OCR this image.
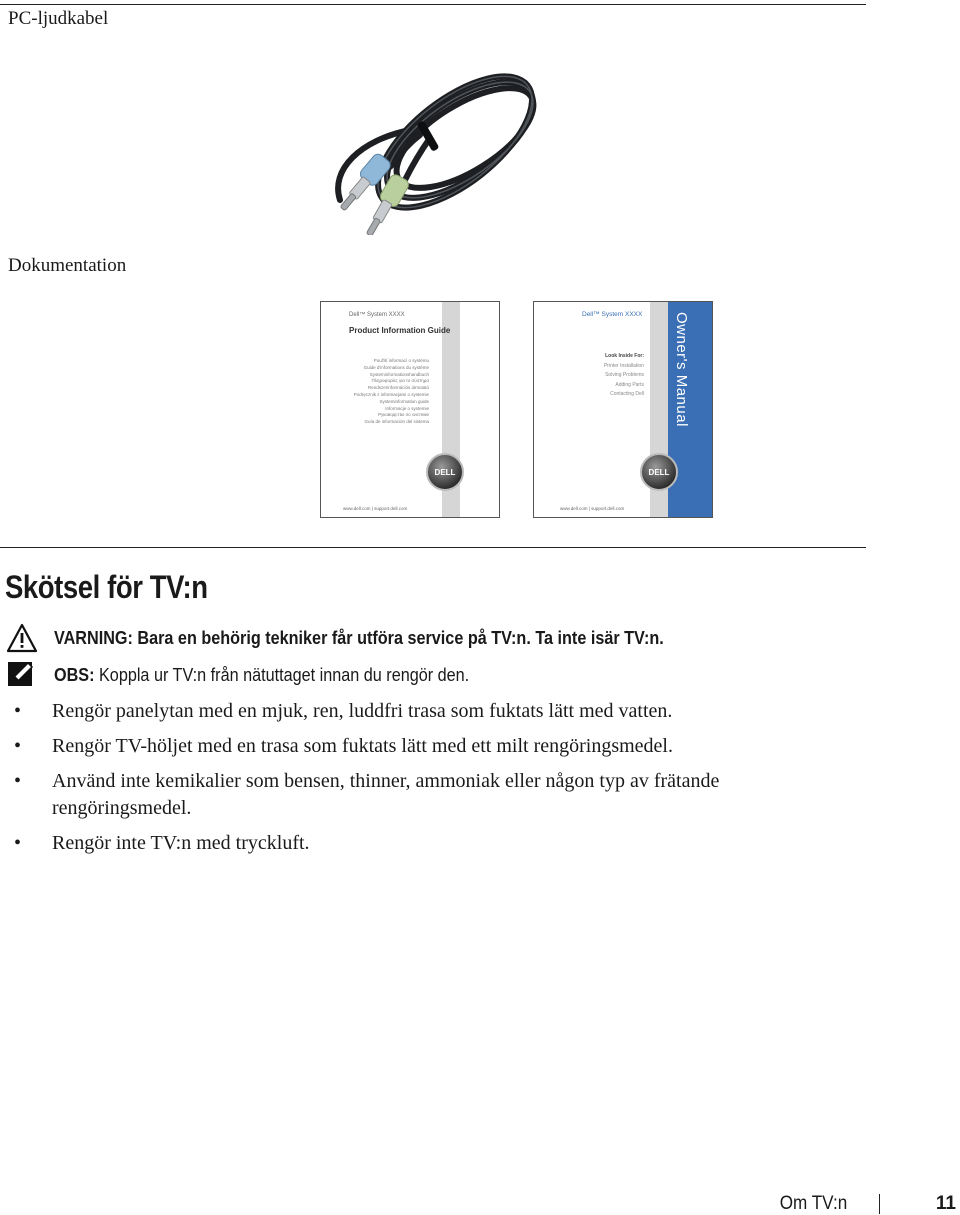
PC-ljudkabel
Dokumentation
Dell™ System XXXX
Product Information Guide
Použití informací o systému
Guide d'informations du système
Systeminformationshandbuch
Πληροφορίες για το σύστημα
Rendszerinformációs útmutató
Podręcznik z informacjami o systemie
Systeminformation guide
Informacje o systemie
Руководство по системе
Guía de información del sistema
DELL
www.dell.com | support.dell.com
Dell™ System XXXX
Look Inside For:
Printer Installation
Solving Problems
Adding Parts
Contacting Dell Owner's Manual
DELL
www.dell.com | support.dell.com
Skötsel för TV:n
VARNING: Bara en behörig tekniker får utföra service på TV:n. Ta inte isär TV:n.
OBS: Koppla ur TV:n från nätuttaget innan du rengör den.
• Rengör panelytan med en mjuk, ren, luddfri trasa som fuktats lätt med vatten.
• Rengör TV-höljet med en trasa som fuktats lätt med ett milt rengöringsmedel.
• Använd inte kemikalier som bensen, thinner, ammoniak eller någon typ av frätande rengöringsmedel.
• Rengör inte TV:n med tryckluft.
Om TV:n	11
